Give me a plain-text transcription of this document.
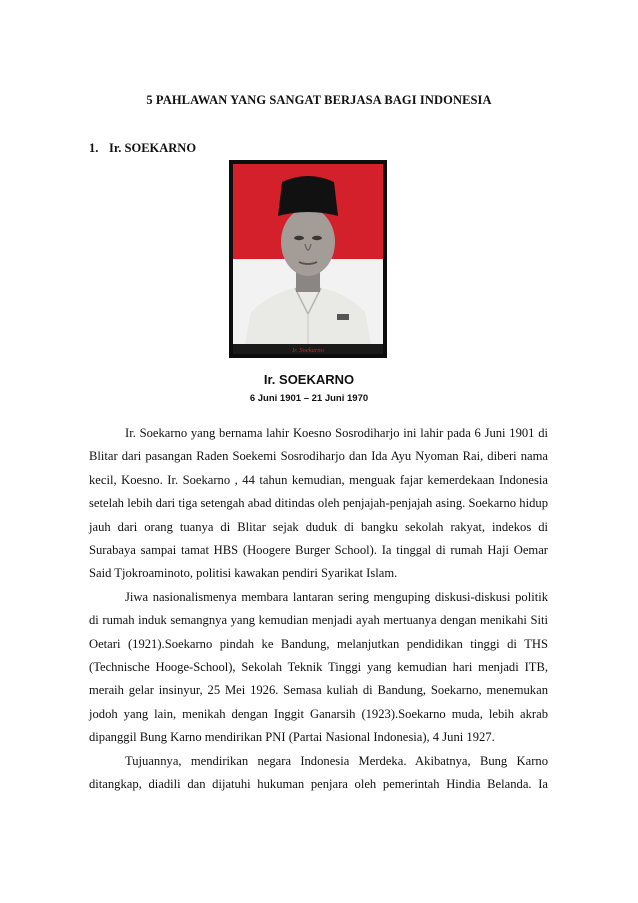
5 PAHLAWAN YANG SANGAT BERJASA BAGI INDONESIA
1. Ir. SOEKARNO
Ir. Soekarno
Ir. SOEKARNO
6 Juni 1901 – 21 Juni 1970

Ir. Soekarno yang bernama lahir Koesno Sosrodiharjo ini lahir pada 6 Juni 1901 di Blitar dari pasangan Raden Soekemi Sosrodiharjo dan Ida Ayu Nyoman Rai, diberi nama kecil, Koesno. Ir. Soekarno , 44 tahun kemudian, menguak fajar kemerdekaan Indonesia setelah lebih dari tiga setengah abad ditindas oleh penjajah-penjajah asing. Soekarno hidup jauh dari orang tuanya di Blitar sejak duduk di bangku sekolah rakyat, indekos di Surabaya sampai tamat HBS (Hoogere Burger School). Ia tinggal di rumah Haji Oemar Said Tjokroaminoto, politisi kawakan pendiri Syarikat Islam.

Jiwa nasionalismenya membara lantaran sering menguping diskusi-diskusi politik di rumah induk semangnya yang kemudian menjadi ayah mertuanya dengan menikahi Siti Oetari (1921).Soekarno pindah ke Bandung, melanjutkan pendidikan tinggi di THS (Technische Hooge-School), Sekolah Teknik Tinggi yang kemudian hari menjadi ITB, meraih gelar insinyur, 25 Mei 1926. Semasa kuliah di Bandung, Soekarno, menemukan jodoh yang lain, menikah dengan Inggit Ganarsih (1923).Soekarno muda, lebih akrab dipanggil Bung Karno mendirikan PNI (Partai Nasional Indonesia), 4 Juni 1927.

Tujuannya, mendirikan negara Indonesia Merdeka. Akibatnya, Bung Karno ditangkap, diadili dan dijatuhi hukuman penjara oleh pemerintah Hindia Belanda. Ia
